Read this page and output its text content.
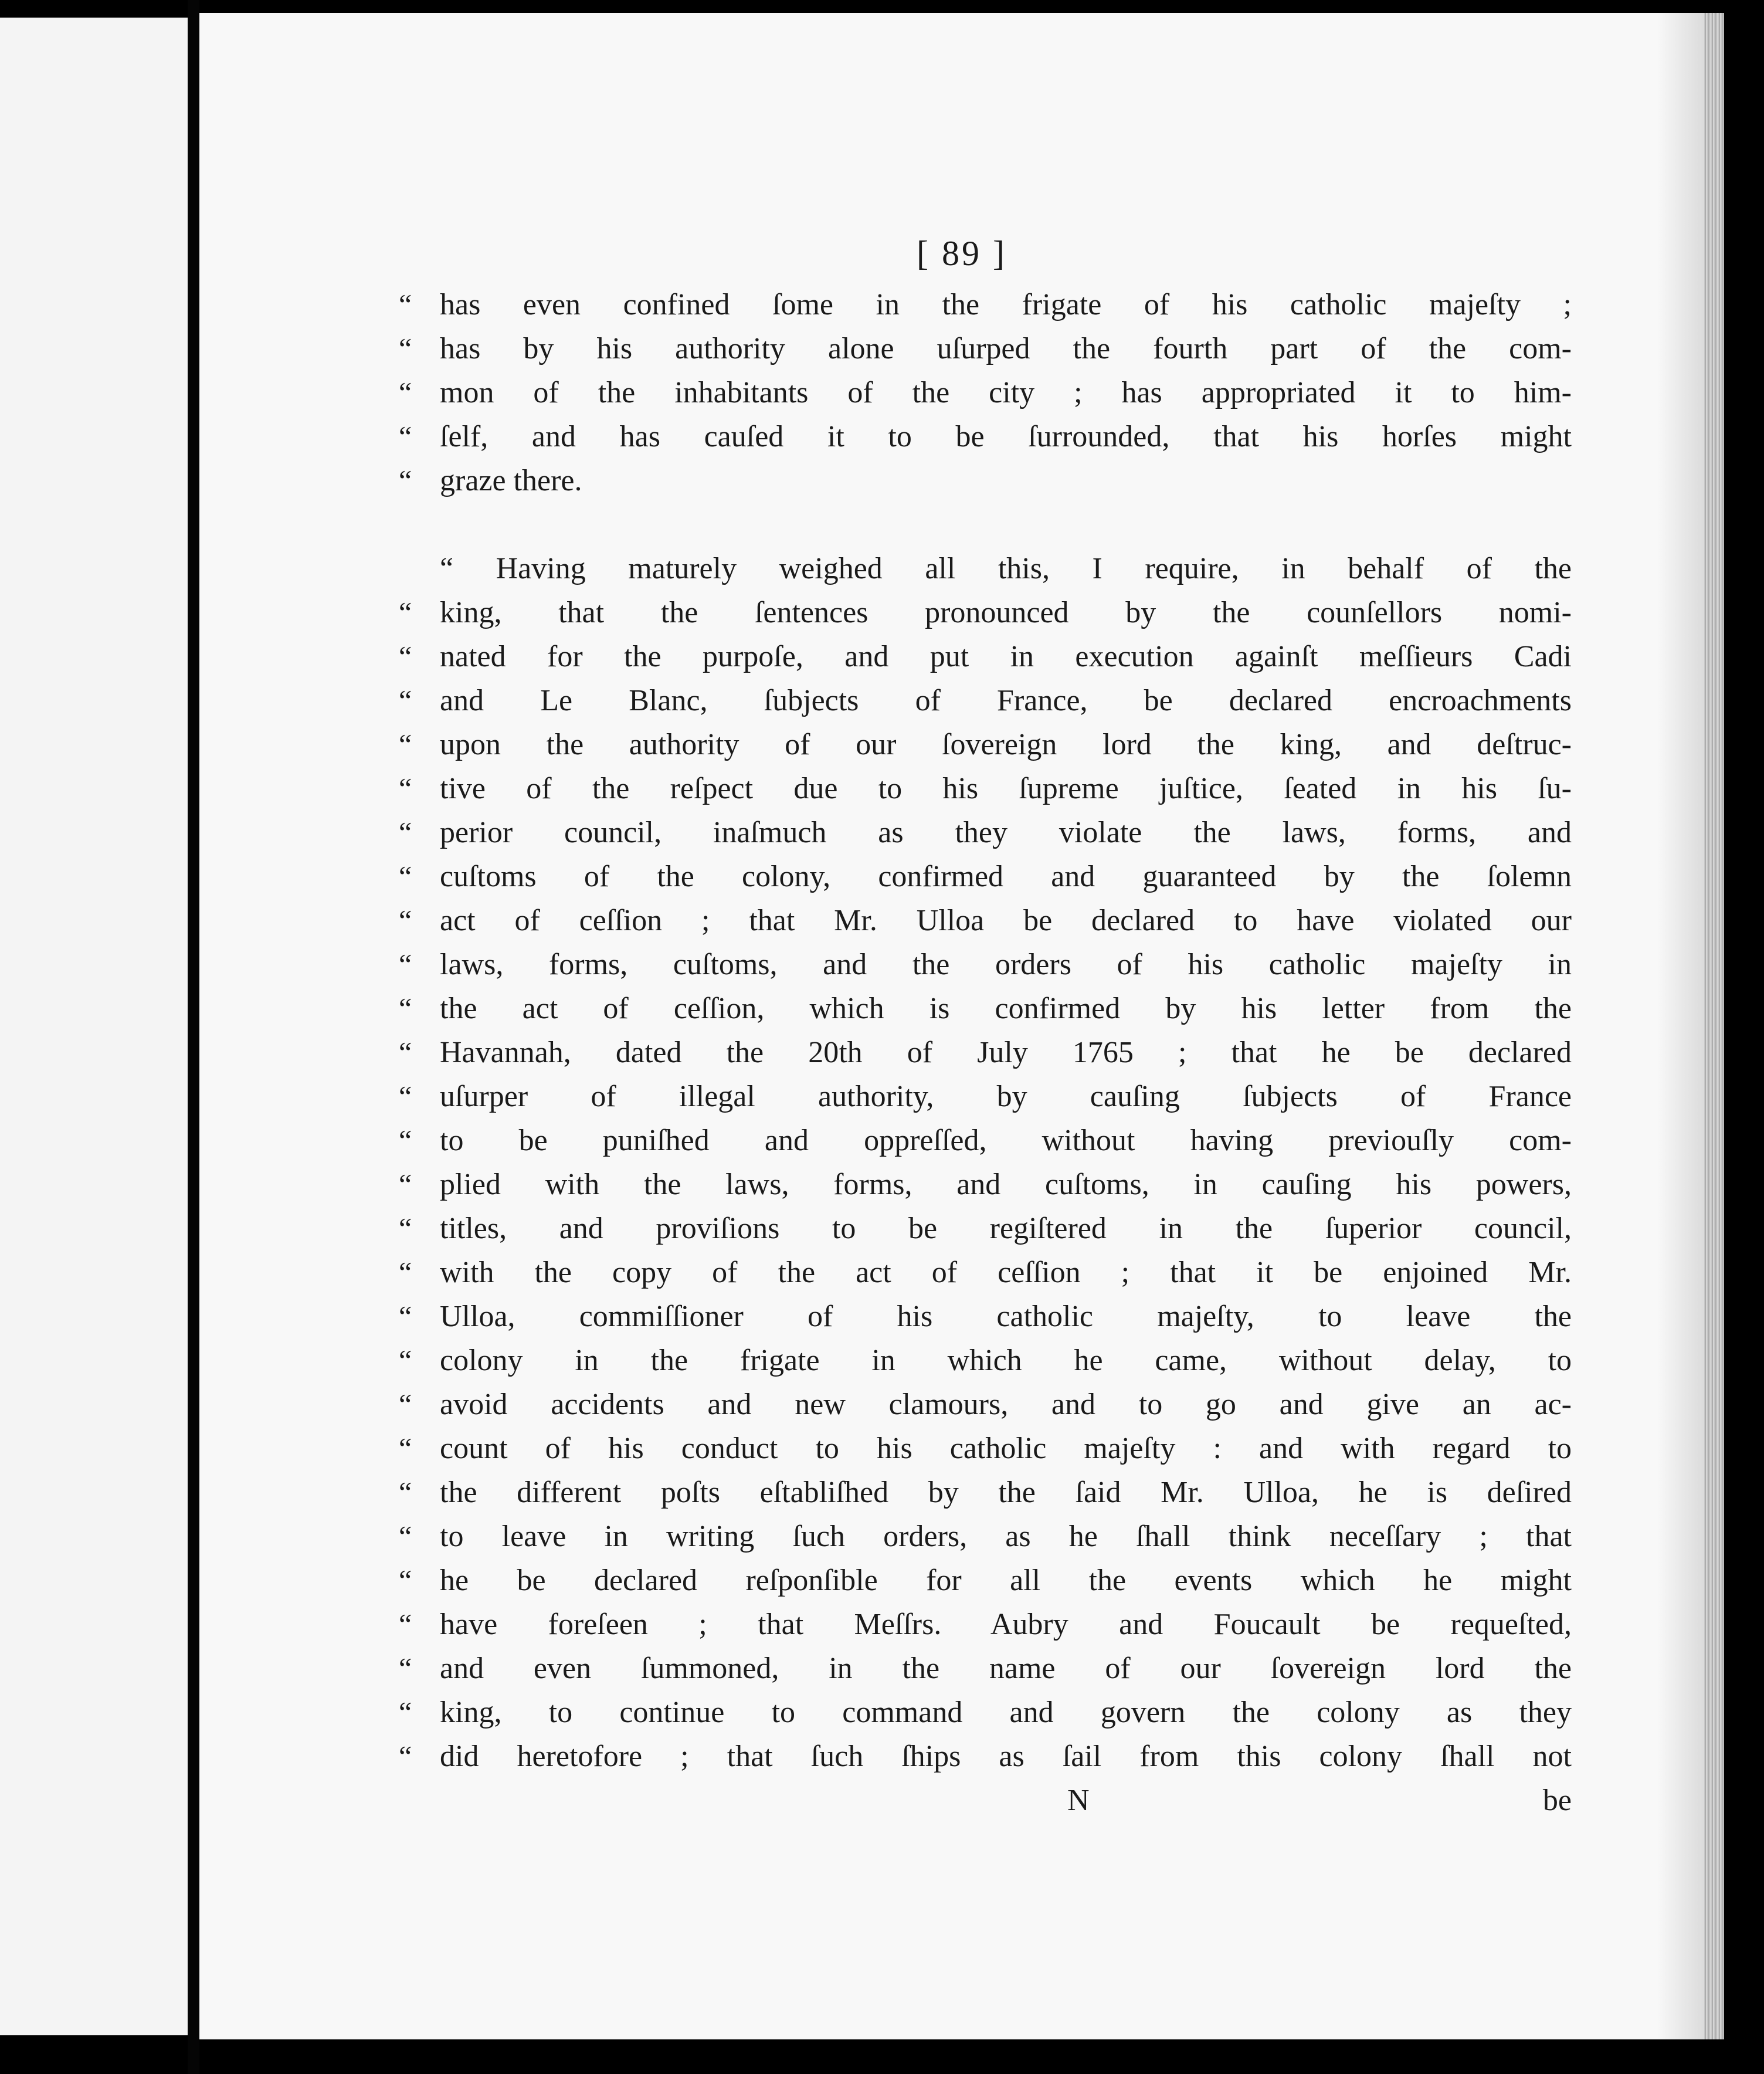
[ 89 ]
“ has even confined ſome in the frigate of his catholic majeſty ;
“ has by his authority alone uſurped the fourth part of the com-
“ mon of the inhabitants of the city ; has appropriated it to him-
“ ſelf, and has cauſed it to be ſurrounded, that his horſes might
“ graze there.
“ Having maturely weighed all this, I require, in behalf of the
“ king, that the ſentences pronounced by the counſellors nomi-
“ nated for the purpoſe, and put in execution againſt meſſieurs Cadi
“ and Le Blanc, ſubjects of France, be declared encroachments
“ upon the authority of our ſovereign lord the king, and deſtruc-
“ tive of the reſpect due to his ſupreme juſtice, ſeated in his ſu-
“ perior council, inaſmuch as they violate the laws, forms, and
“ cuſtoms of the colony, confirmed and guaranteed by the ſolemn
“ act of ceſſion ; that Mr. Ulloa be declared to have violated our
“ laws, forms, cuſtoms, and the orders of his catholic majeſty in
“ the act of ceſſion, which is confirmed by his letter from the
“ Havannah, dated the 20th of July 1765 ; that he be declared
“ uſurper of illegal authority, by cauſing ſubjects of France
“ to be puniſhed and oppreſſed, without having previouſly com-
“ plied with the laws, forms, and cuſtoms, in cauſing his powers,
“ titles, and proviſions to be regiſtered in the ſuperior council,
“ with the copy of the act of ceſſion ; that it be enjoined Mr.
“ Ulloa, commiſſioner of his catholic majeſty, to leave the
“ colony in the frigate in which he came, without delay, to
“ avoid accidents and new clamours, and to go and give an ac-
“ count of his conduct to his catholic majeſty : and with regard to
“ the different poſts eſtabliſhed by the ſaid Mr. Ulloa, he is deſired
“ to leave in writing ſuch orders, as he ſhall think neceſſary ; that
“ he be declared reſponſible for all the events which he might
“ have foreſeen ; that Meſſrs. Aubry and Foucault be requeſted,
“ and even ſummoned, in the name of our ſovereign lord the
“ king, to continue to command and govern the colony as they
“ did heretofore ; that ſuch ſhips as ſail from this colony ſhall not
N	be
